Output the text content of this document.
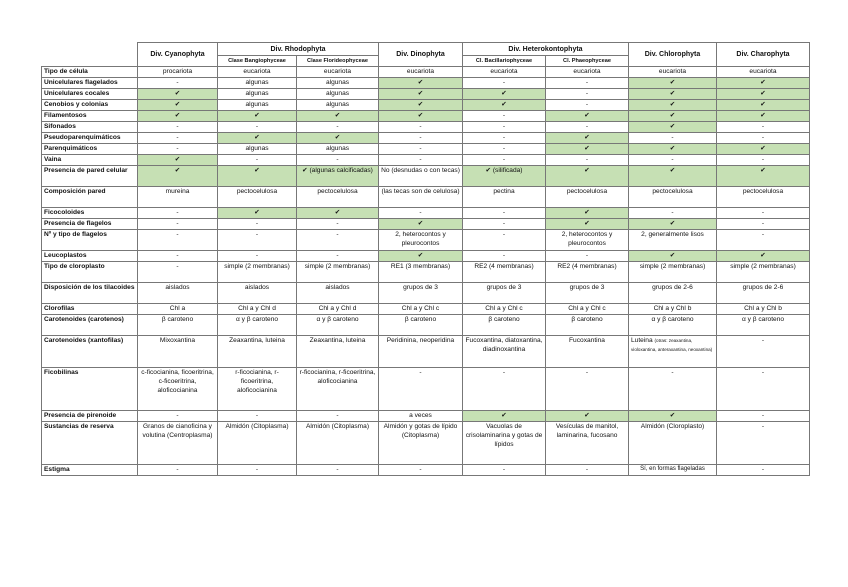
	Div. Cyanophyta	Div. Rhodophyta		Div. Dinophyta	Div. Heterokontophyta		Div. Chlorophyta	Div. Charophyta
		Clase Bangiophyceae	Clase Florideophyceae		Cl. Bacillariophyceae	Cl. Phaeophyceae		
Tipo de célula	procariota	eucariota	eucariota	eucariota	eucariota	eucariota	eucariota	eucariota
Unicelulares flagelados	-	algunas	algunas	✔	-	-	✔	✔
Unicelulares cocales	✔	algunas	algunas	✔	✔	-	✔	✔
Cenobios y colonias	✔	algunas	algunas	✔	✔	-	✔	✔
Filamentosos	✔	✔	✔	✔	-	✔	✔	✔
Sifonados	-	-	-	-	-	-	✔	-
Pseudoparenquimáticos	-	✔	✔	-	-	✔	-	-
Parenquimáticos	-	algunas	algunas	-	-	✔	✔	✔
Vaina	✔	-	-	-	-	-	-	-
Presencia de pared celular	✔	✔	✔ (algunas calcificadas)	No (desnudas o con tecas)	✔ (silificada)	✔	✔	✔
Composición pared	mureina	pectocelulosa	pectocelulosa	(las tecas son de celulosa)	pectina	pectocelulosa	pectocelulosa	pectocelulosa
Ficocoloides	-	✔	✔	-	-	✔	-	-
Presencia de flagelos	-	-	-	✔	-	✔	✔	-
Nº y tipo de flagelos	-	-	-	2, heterocontos y pleurocontos	-	2, heterocontos y pleurocontos	2, generalmente lisos	-
Leucoplastos	-	-	-	✔	-	-	✔	✔
Tipo de cloroplasto	-	simple (2 membranas)	simple (2 membranas)	RE1 (3 membranas)	RE2 (4 membranas)	RE2 (4 membranas)	simple (2 membranas)	simple (2 membranas)
Disposición de los tilacoides	aislados	aislados	aislados	grupos de 3	grupos de 3	grupos de 3	grupos de 2-6	grupos de 2-6
Clorofilas	Chl a	Chl a y Chl d	Chl a y Chl d	Chl a y Chl c	Chl a y Chl c	Chl a y Chl c	Chl a y Chl b	Chl a y Chl b
Carotenoides (carotenos)	β caroteno	α y β caroteno	α y β caroteno	β caroteno	β caroteno	β caroteno	α y β caroteno	α y β caroteno
Carotenoides (xantofilas)	Mixoxantina	Zeaxantina, luteina	Zeaxantina, luteina	Peridinina, neoperidina	Fucoxantina, diatoxantina, diadinoxantina	Fucoxantina	Luteina (otras: zeaxantina, violoxantina, anteraxantina, neoxantina)	-
Ficobilinas	c-ficocianina, ficoeritrina, c-ficoeritrina, aloficocianina	r-ficocianina, r-ficoeritrina, aloficocianina	r-ficocianina, r-ficoeritrina, aloficocianina	-	-	-	-	-
Presencia de pirenoide	-	-	-	a veces	✔	✔	✔	-
Sustancias de reserva	Granos de cianoficina y volutina (Centroplasma)	Almidón (Citoplasma)	Almidón (Citoplasma)	Almidón y gotas de lípido (Citoplasma)	Vacuolas de crisolaminarina y gotas de lípidos	Vesículas de manitol, laminarina, fucosano	Almidón (Cloroplasto)	-
Estigma	-	-	-	-	-	-	Sí, en formas flageladas	-
